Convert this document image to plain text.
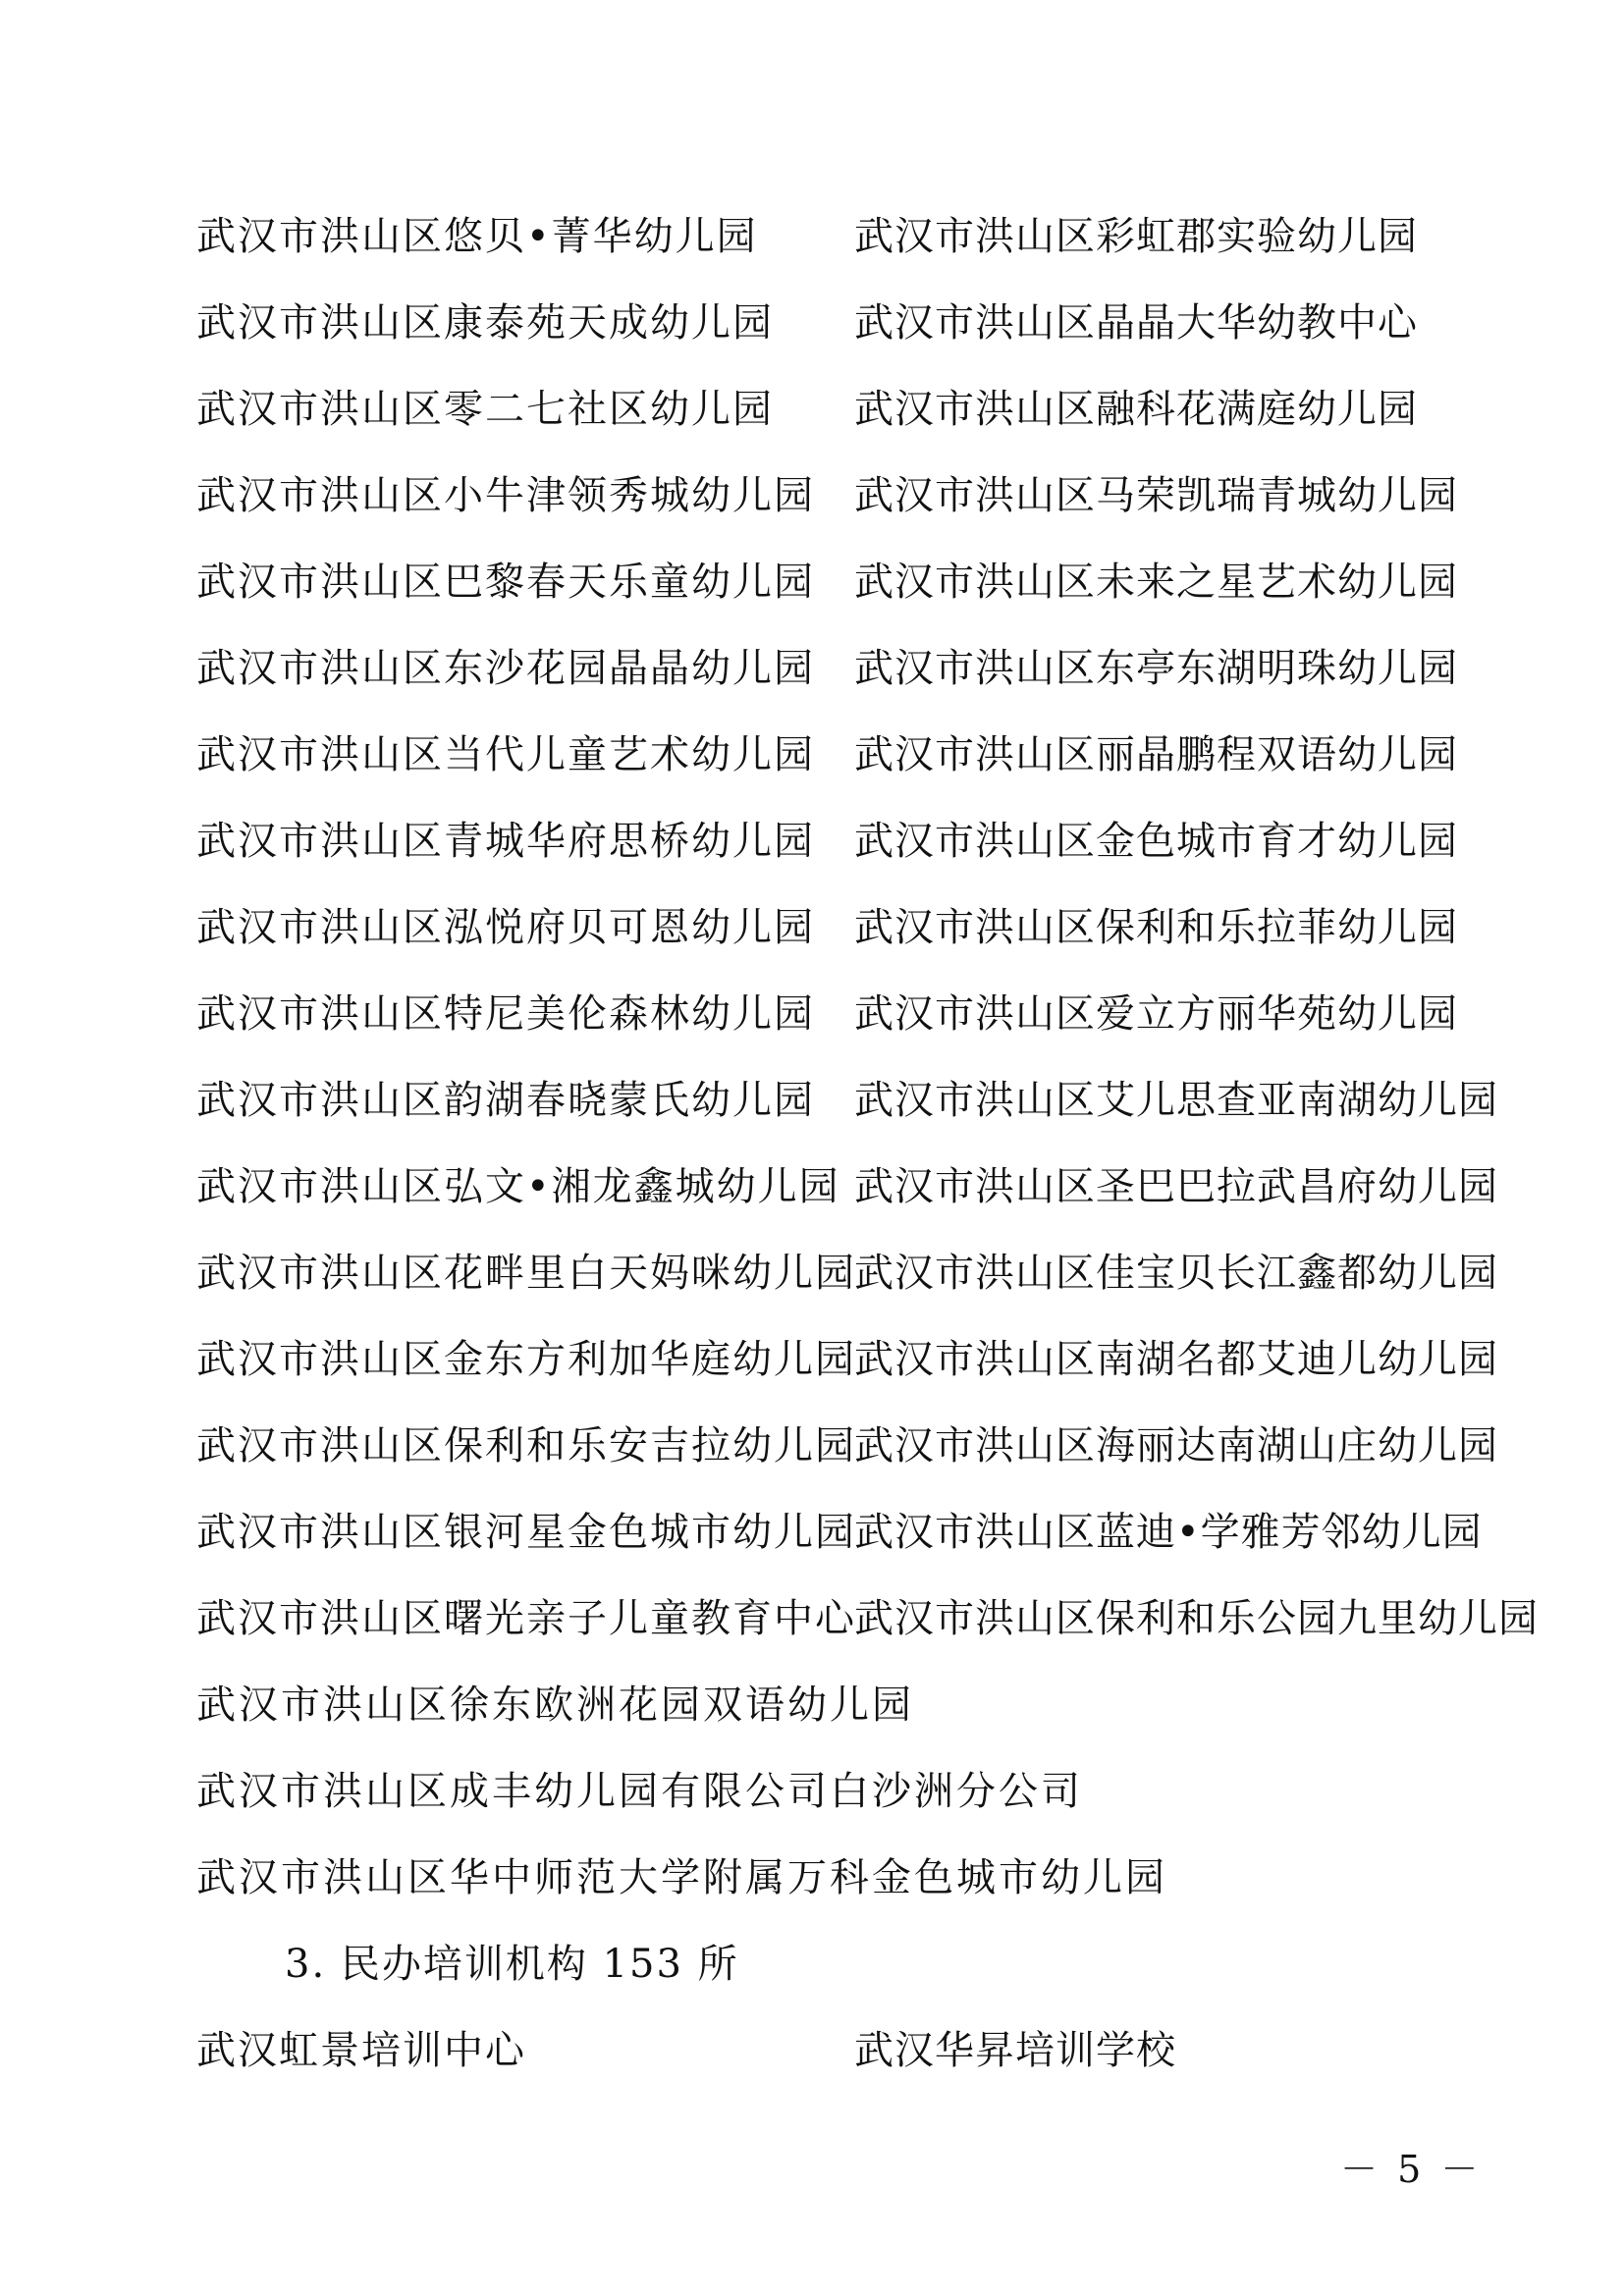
武汉市洪山区悠贝•菁华幼儿园 武汉市洪山区彩虹郡实验幼儿园
武汉市洪山区康泰苑天成幼儿园 武汉市洪山区晶晶大华幼教中心
武汉市洪山区零二七社区幼儿园 武汉市洪山区融科花满庭幼儿园
武汉市洪山区小牛津领秀城幼儿园 武汉市洪山区马荣凯瑞青城幼儿园
武汉市洪山区巴黎春天乐童幼儿园 武汉市洪山区未来之星艺术幼儿园
武汉市洪山区东沙花园晶晶幼儿园 武汉市洪山区东亭东湖明珠幼儿园
武汉市洪山区当代儿童艺术幼儿园 武汉市洪山区丽晶鹏程双语幼儿园
武汉市洪山区青城华府思桥幼儿园 武汉市洪山区金色城市育才幼儿园
武汉市洪山区泓悦府贝可恩幼儿园 武汉市洪山区保利和乐拉菲幼儿园
武汉市洪山区特尼美伦森林幼儿园 武汉市洪山区爱立方丽华苑幼儿园
武汉市洪山区韵湖春晓蒙氏幼儿园 武汉市洪山区艾儿思查亚南湖幼儿园
武汉市洪山区弘文•湘龙鑫城幼儿园 武汉市洪山区圣巴巴拉武昌府幼儿园
武汉市洪山区花畔里白天妈咪幼儿园
武汉市洪山区佳宝贝长江鑫都幼儿园
武汉市洪山区金东方利加华庭幼儿园
武汉市洪山区南湖名都艾迪儿幼儿园
武汉市洪山区保利和乐安吉拉幼儿园
武汉市洪山区海丽达南湖山庄幼儿园
武汉市洪山区银河星金色城市幼儿园
武汉市洪山区蓝迪•学雅芳邻幼儿园
武汉市洪山区曙光亲子儿童教育中心
武汉市洪山区保利和乐公园九里幼儿园
武汉市洪山区徐东欧洲花园双语幼儿园
武汉市洪山区成丰幼儿园有限公司白沙洲分公司
武汉市洪山区华中师范大学附属万科金色城市幼儿园
3. 民办培训机构 153 所
武汉虹景培训中心	武汉华昇培训学校
－ 5 －
